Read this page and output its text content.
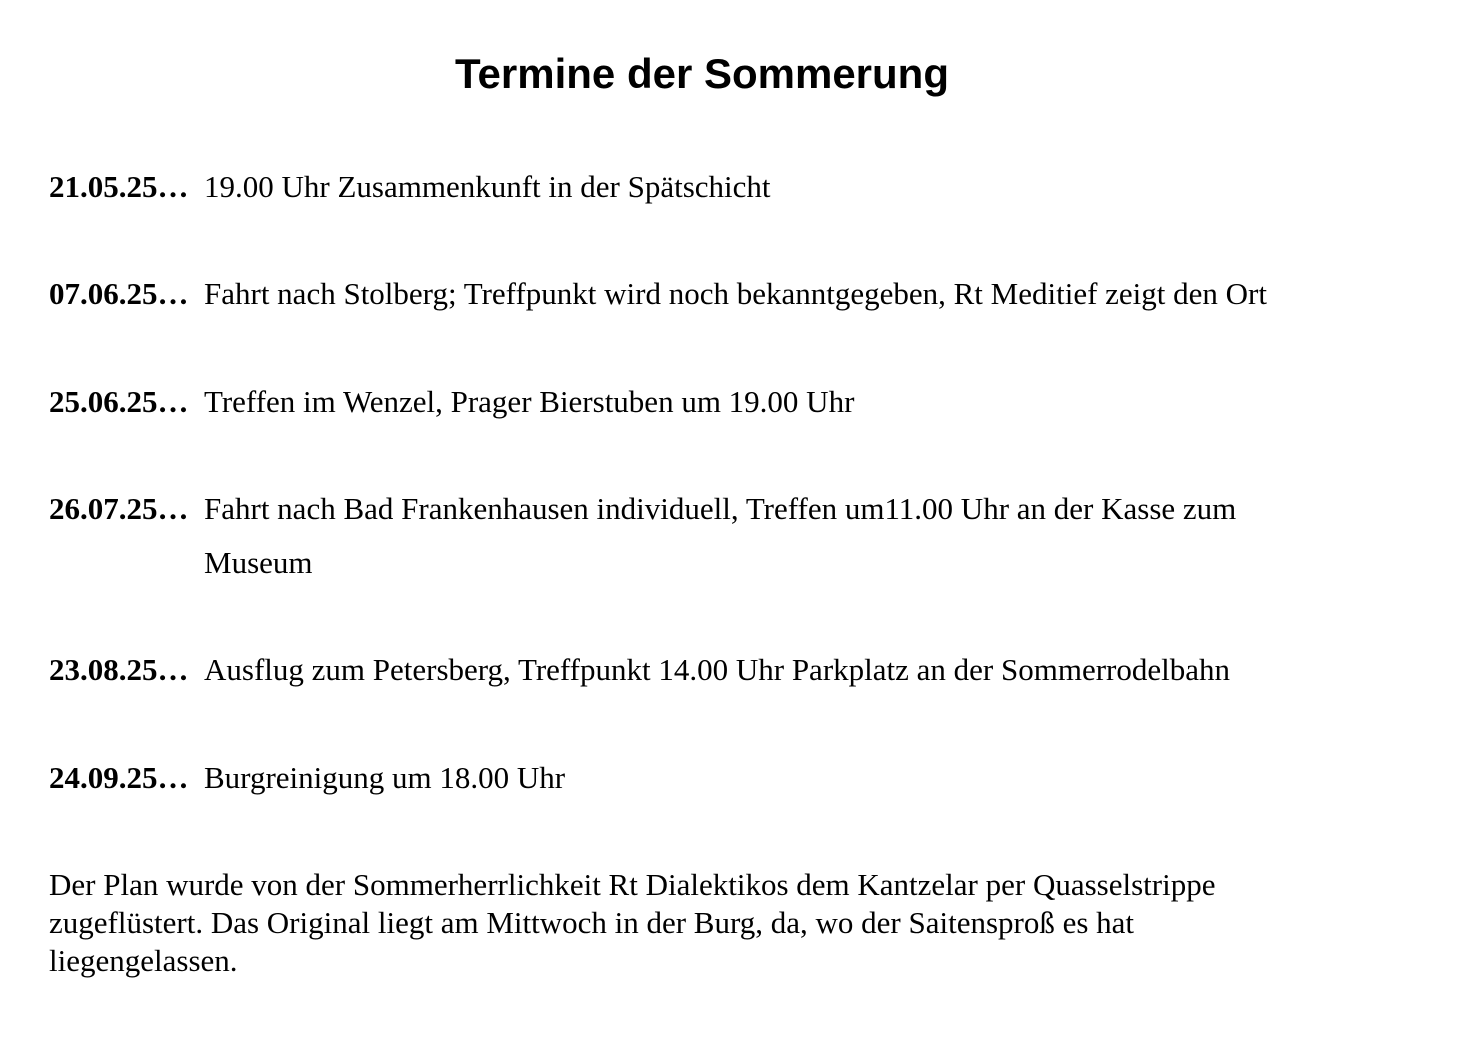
Termine der Sommerung
21.05.25… 19.00 Uhr Zusammenkunft in der Spätschicht
07.06.25… Fahrt nach Stolberg; Treffpunkt wird noch bekanntgegeben, Rt Meditief zeigt den Ort
25.06.25… Treffen im Wenzel, Prager Bierstuben um 19.00 Uhr
26.07.25… Fahrt nach Bad Frankenhausen individuell, Treffen um11.00 Uhr an der Kasse zum Museum
23.08.25… Ausflug zum Petersberg, Treffpunkt 14.00 Uhr Parkplatz an der Sommerrodelbahn
24.09.25… Burgreinigung um 18.00 Uhr

Der Plan wurde von der Sommerherrlichkeit Rt Dialektikos dem Kantzelar per Quasselstrippe zugeflüstert. Das Original liegt am Mittwoch in der Burg, da, wo der Saitensproß es hat liegengelassen.
